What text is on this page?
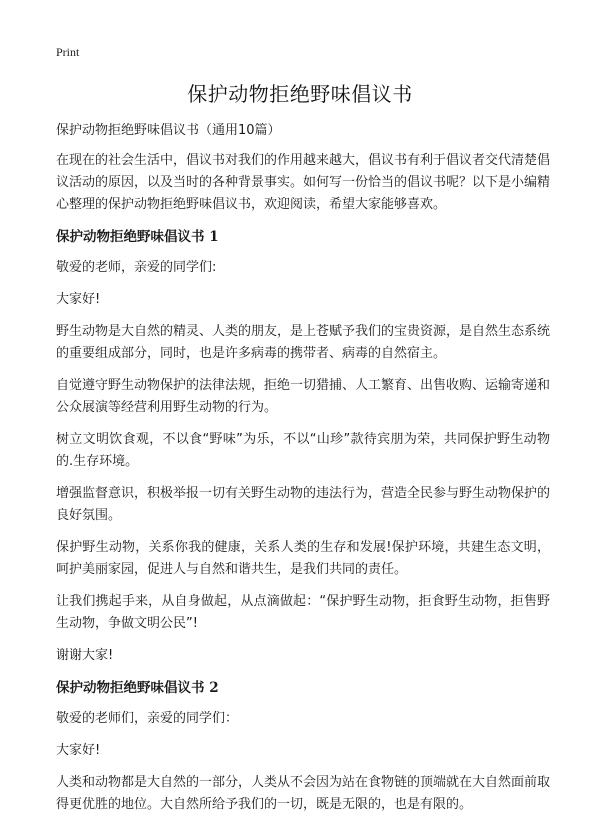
Print
保护动物拒绝野味倡议书

保护动物拒绝野味倡议书（通用10篇）

在现在的社会生活中，倡议书对我们的作用越来越大，倡议书有利于倡议者交代清楚倡议活动的原因，以及当时的各种背景事实。如何写一份恰当的倡议书呢？以下是小编精心整理的保护动物拒绝野味倡议书，欢迎阅读，希望大家能够喜欢。

保护动物拒绝野味倡议书 1

敬爱的老师，亲爱的同学们:

大家好!

野生动物是大自然的精灵、人类的朋友，是上苍赋予我们的宝贵资源，是自然生态系统的重要组成部分，同时，也是许多病毒的携带者、病毒的自然宿主。

自觉遵守野生动物保护的法律法规，拒绝一切猎捕、人工繁育、出售收购、运输寄递和公众展演等经营利用野生动物的行为。

树立文明饮食观，不以食“野味”为乐，不以“山珍”款待宾朋为荣，共同保护野生动物的.生存环境。

增强监督意识，积极举报一切有关野生动物的违法行为，营造全民参与野生动物保护的良好氛围。

保护野生动物，关系你我的健康，关系人类的生存和发展!保护环境，共建生态文明，呵护美丽家园，促进人与自然和谐共生，是我们共同的责任。

让我们携起手来，从自身做起，从点滴做起：“保护野生动物，拒食野生动物，拒售野生动物，争做文明公民”!

谢谢大家!

保护动物拒绝野味倡议书 2

敬爱的老师们，亲爱的同学们：

大家好!

人类和动物都是大自然的一部分，人类从不会因为站在食物链的顶端就在大自然面前取得更优胜的地位。大自然所给予我们的一切，既是无限的，也是有限的。
